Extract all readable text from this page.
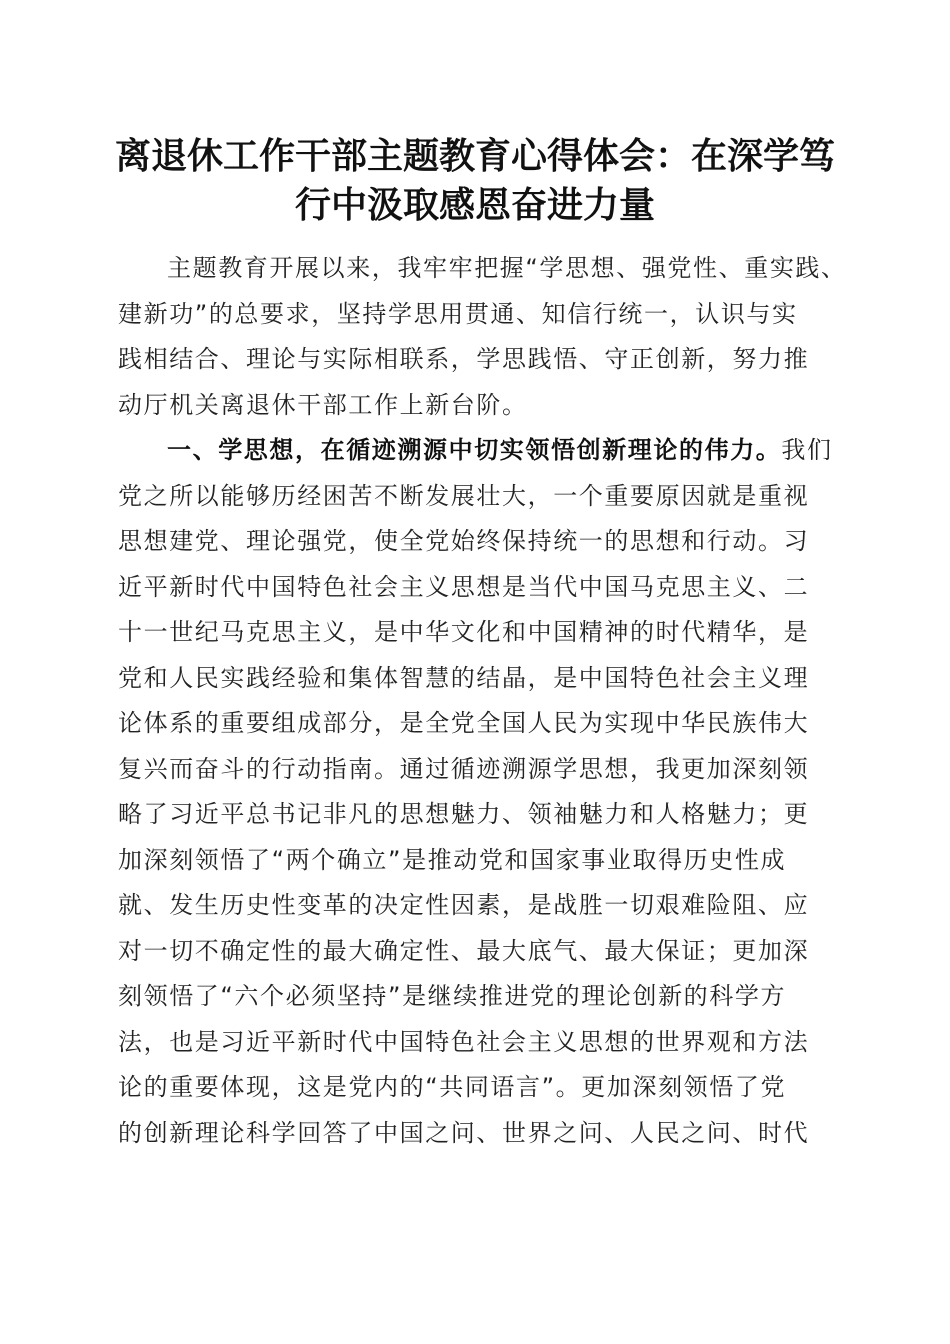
离退休工作干部主题教育心得体会：在深学笃
行中汲取感恩奋进力量
主题教育开展以来，我牢牢把握“学思想、强党性、重实践、
建新功”的总要求，坚持学思用贯通、知信行统一，认识与实
践相结合、理论与实际相联系，学思践悟、守正创新，努力推
动厅机关离退休干部工作上新台阶。
一、学思想，在循迹溯源中切实领悟创新理论的伟力。我们
党之所以能够历经困苦不断发展壮大，一个重要原因就是重视
思想建党、理论强党，使全党始终保持统一的思想和行动。习
近平新时代中国特色社会主义思想是当代中国马克思主义、二
十一世纪马克思主义，是中华文化和中国精神的时代精华，是
党和人民实践经验和集体智慧的结晶，是中国特色社会主义理
论体系的重要组成部分，是全党全国人民为实现中华民族伟大
复兴而奋斗的行动指南。通过循迹溯源学思想，我更加深刻领
略了习近平总书记非凡的思想魅力、领袖魅力和人格魅力；更
加深刻领悟了“两个确立”是推动党和国家事业取得历史性成
就、发生历史性变革的决定性因素，是战胜一切艰难险阻、应
对一切不确定性的最大确定性、最大底气、最大保证；更加深
刻领悟了“六个必须坚持”是继续推进党的理论创新的科学方
法，也是习近平新时代中国特色社会主义思想的世界观和方法
论的重要体现，这是党内的“共同语言”。更加深刻领悟了党
的创新理论科学回答了中国之问、世界之问、人民之问、时代
